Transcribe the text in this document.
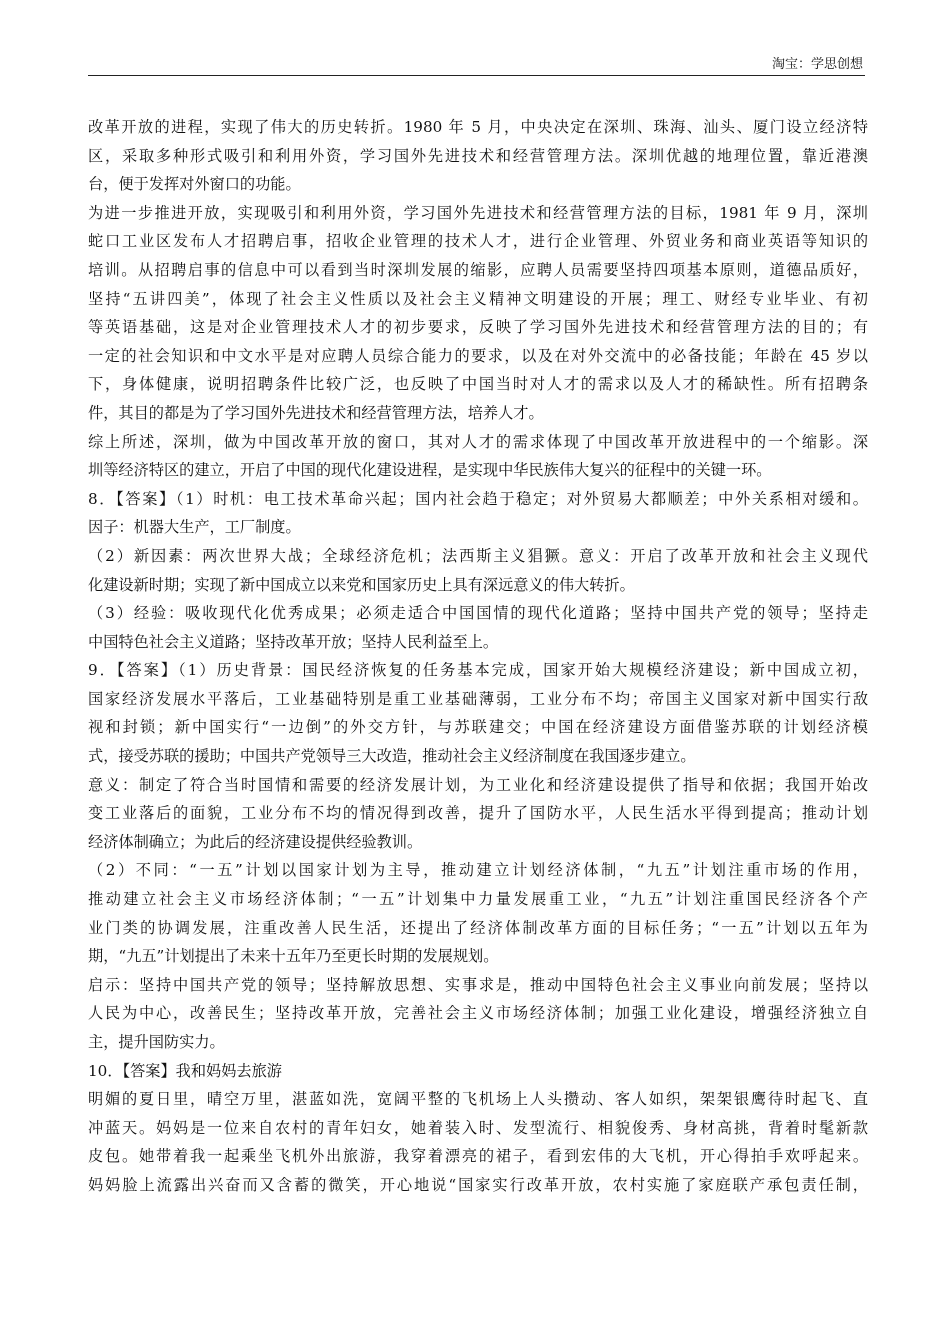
淘宝：学思创想
改革开放的进程，实现了伟大的历史转折。1980 年 5 月，中央决定在深圳、珠海、汕头、厦门设立经济特
区，采取多种形式吸引和利用外资，学习国外先进技术和经营管理方法。深圳优越的地理位置，靠近港澳
台，便于发挥对外窗口的功能。
为进一步推进开放，实现吸引和利用外资，学习国外先进技术和经营管理方法的目标，1981 年 9 月，深圳
蛇口工业区发布人才招聘启事，招收企业管理的技术人才，进行企业管理、外贸业务和商业英语等知识的
培训。从招聘启事的信息中可以看到当时深圳发展的缩影，应聘人员需要坚持四项基本原则，道德品质好，
坚持“五讲四美”，体现了社会主义性质以及社会主义精神文明建设的开展；理工、财经专业毕业、有初
等英语基础，这是对企业管理技术人才的初步要求，反映了学习国外先进技术和经营管理方法的目的；有
一定的社会知识和中文水平是对应聘人员综合能力的要求，以及在对外交流中的必备技能；年龄在 45 岁以
下，身体健康，说明招聘条件比较广泛，也反映了中国当时对人才的需求以及人才的稀缺性。所有招聘条
件，其目的都是为了学习国外先进技术和经营管理方法，培养人才。
综上所述，深圳，做为中国改革开放的窗口，其对人才的需求体现了中国改革开放进程中的一个缩影。深
圳等经济特区的建立，开启了中国的现代化建设进程，是实现中华民族伟大复兴的征程中的关键一环。
8．【答案】（1）时机：电工技术革命兴起；国内社会趋于稳定；对外贸易大都顺差；中外关系相对缓和。
因子：机器大生产，工厂制度。
（2）新因素：两次世界大战；全球经济危机；法西斯主义猖獗。意义：开启了改革开放和社会主义现代
化建设新时期；实现了新中国成立以来党和国家历史上具有深远意义的伟大转折。
（3）经验：吸收现代化优秀成果；必须走适合中国国情的现代化道路；坚持中国共产党的领导；坚持走
中国特色社会主义道路；坚持改革开放；坚持人民利益至上。
9．【答案】（1）历史背景：国民经济恢复的任务基本完成，国家开始大规模经济建设；新中国成立初，
国家经济发展水平落后，工业基础特别是重工业基础薄弱，工业分布不均；帝国主义国家对新中国实行敌
视和封锁；新中国实行“一边倒”的外交方针，与苏联建交；中国在经济建设方面借鉴苏联的计划经济模
式，接受苏联的援助；中国共产党领导三大改造，推动社会主义经济制度在我国逐步建立。
意义：制定了符合当时国情和需要的经济发展计划，为工业化和经济建设提供了指导和依据；我国开始改
变工业落后的面貌，工业分布不均的情况得到改善，提升了国防水平，人民生活水平得到提高；推动计划
经济体制确立；为此后的经济建设提供经验教训。
（2）不同：“一五”计划以国家计划为主导，推动建立计划经济体制，“九五”计划注重市场的作用，
推动建立社会主义市场经济体制；“一五”计划集中力量发展重工业，“九五”计划注重国民经济各个产
业门类的协调发展，注重改善人民生活，还提出了经济体制改革方面的目标任务；“一五”计划以五年为
期，“九五”计划提出了未来十五年乃至更长时期的发展规划。
启示：坚持中国共产党的领导；坚持解放思想、实事求是，推动中国特色社会主义事业向前发展；坚持以
人民为中心，改善民生；坚持改革开放，完善社会主义市场经济体制；加强工业化建设，增强经济独立自
主，提升国防实力。
10．【答案】我和妈妈去旅游
明媚的夏日里，晴空万里，湛蓝如洗，宽阔平整的飞机场上人头攒动、客人如织，架架银鹰待时起飞、直
冲蓝天。妈妈是一位来自农村的青年妇女，她着装入时、发型流行、相貌俊秀、身材高挑，背着时髦新款
皮包。她带着我一起乘坐飞机外出旅游，我穿着漂亮的裙子，看到宏伟的大飞机，开心得拍手欢呼起来。
妈妈脸上流露出兴奋而又含蓄的微笑，开心地说“国家实行改革开放，农村实施了家庭联产承包责任制，
